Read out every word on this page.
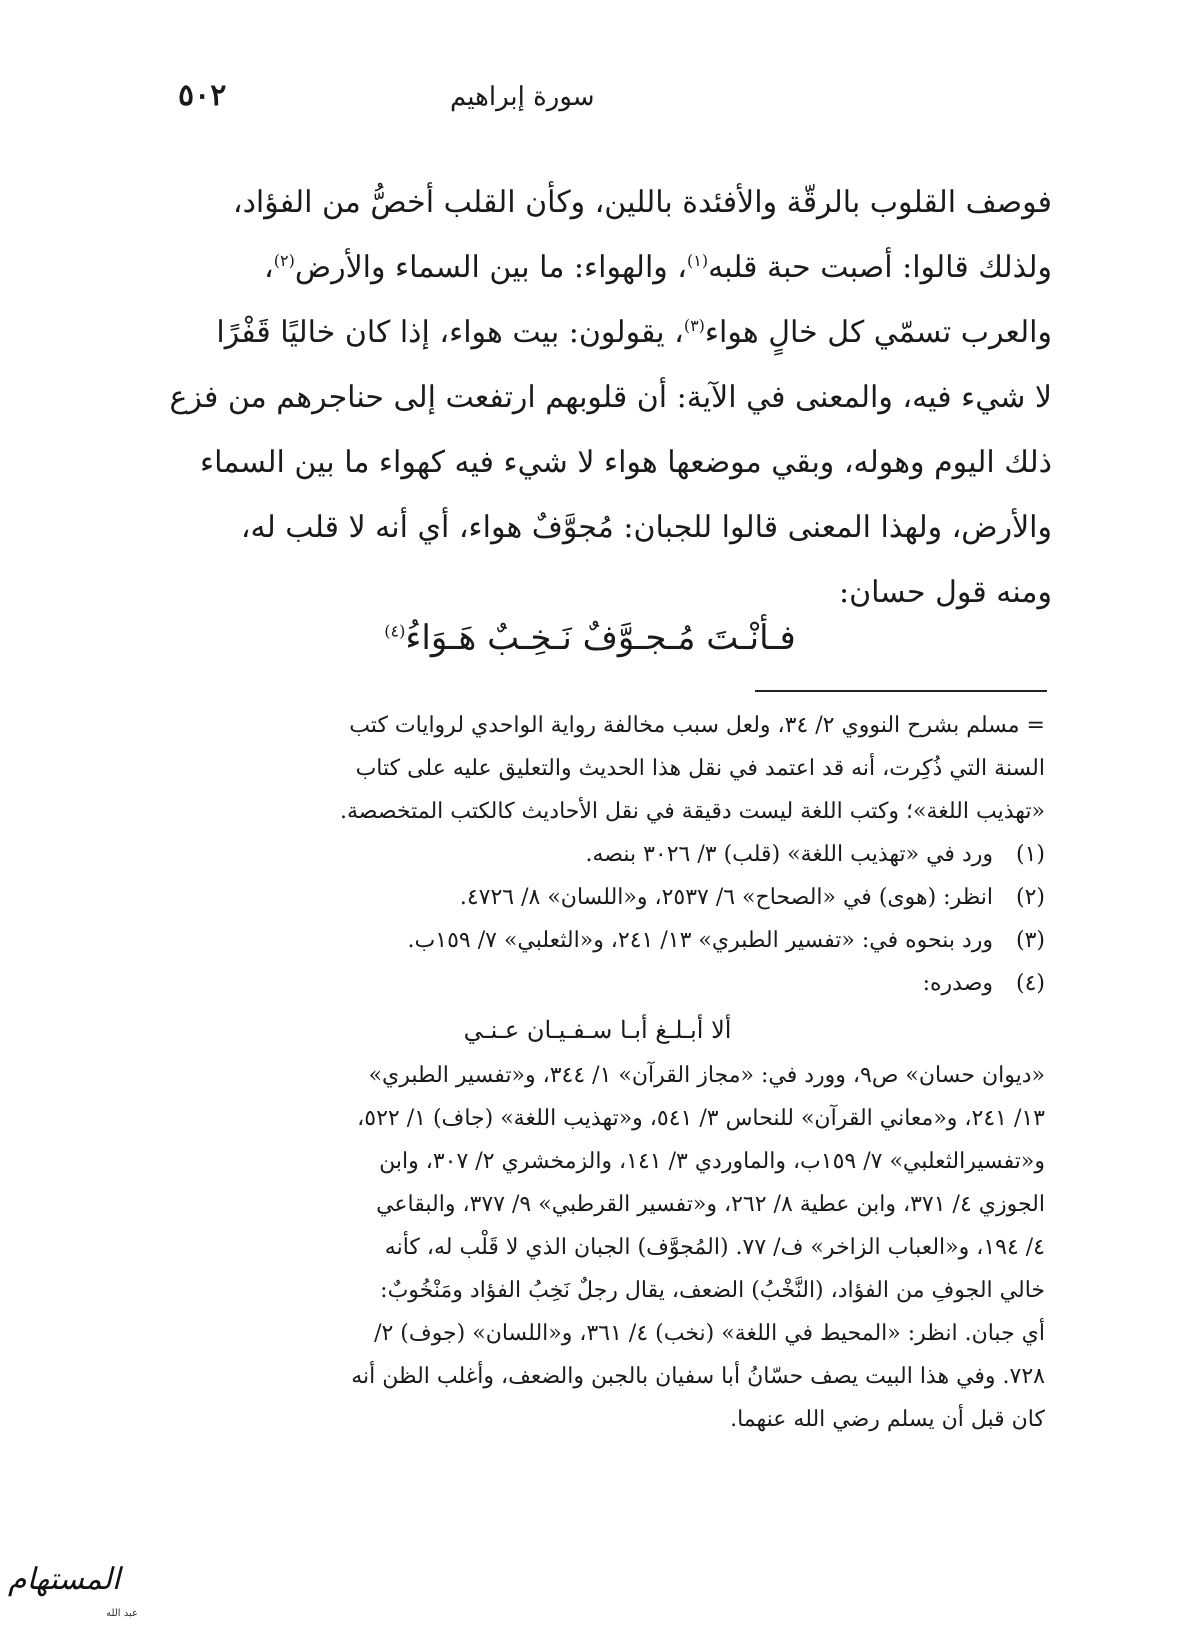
٥٠٢	سورة إبراهيم

فوصف القلوب بالرقّة والأفئدة باللين، وكأن القلب أخصُّ من الفؤاد،

ولذلك قالوا: أصبت حبة قلبه$^{(١)}$، والهواء: ما بين السماء والأرض$^{(٢)}$،

والعرب تسمّي كل خالٍ هواء$^{(٣)}$، يقولون: بيت هواء، إذا كان خاليًا قَفْرًا

لا شيء فيه، والمعنى في الآية: أن قلوبهم ارتفعت إلى حناجرهم من فزع

ذلك اليوم وهوله، وبقي موضعها هواء لا شيء فيه كهواء ما بين السماء

والأرض، ولهذا المعنى قالوا للجبان: مُجوَّفٌ هواء، أي أنه لا قلب له،

ومنه قول حسان:

فـأنْـتَ مُـجـوَّفٌ نَـخِـبٌ هَـوَاءُ$^{(٤)}$

= مسلم بشرح النووي ٢/ ٣٤، ولعل سبب مخالفة رواية الواحدي لروايات كتب

السنة التي ذُكِرت، أنه قد اعتمد في نقل هذا الحديث والتعليق عليه على كتاب

«تهذيب اللغة»؛ وكتب اللغة ليست دقيقة في نقل الأحاديث كالكتب المتخصصة.

(١)
ورد في «تهذيب اللغة» (قلب) ٣/ ٣٠٢٦ بنصه.
(٢)
انظر: (هوى) في «الصحاح» ٦/ ٢٥٣٧، و«اللسان» ٨/ ٤٧٢٦.
(٣)
ورد بنحوه في: «تفسير الطبري» ١٣/ ٢٤١، و«الثعلبي» ٧/ ١٥٩ب.
(٤)
وصدره:

ألا أبـلـغ أبـا سـفـيـان عـنـي

«ديوان حسان» ص٩، وورد في: «مجاز القرآن» ١/ ٣٤٤، و«تفسير الطبري»

١٣/ ٢٤١، و«معاني القرآن» للنحاس ٣/ ٥٤١، و«تهذيب اللغة» (جاف) ١/ ٥٢٢،

و«تفسيرالثعلبي» ٧/ ١٥٩ب، والماوردي ٣/ ١٤١، والزمخشري ٢/ ٣٠٧، وابن

الجوزي ٤/ ٣٧١، وابن عطية ٨/ ٢٦٢، و«تفسير القرطبي» ٩/ ٣٧٧، والبقاعي

٤/ ١٩٤، و«العباب الزاخر» ف/ ٧٧. (المُجوَّف) الجبان الذي لا قَلْب له، كأنه

خالي الجوفِ من الفؤاد، (النَّخْبُ) الضعف، يقال رجلٌ نَخِبُ الفؤاد ومَنْخُوبٌ:

أي جبان. انظر: «المحيط في اللغة» (نخب) ٤/ ٣٦١، و«اللسان» (جوف) ٢/

٧٢٨. وفي هذا البيت يصف حسّانُ أبا سفيان بالجبن والضعف، وأغلب الظن أنه

كان قبل أن يسلم رضي الله عنهما.

المستهام
عبد الله
